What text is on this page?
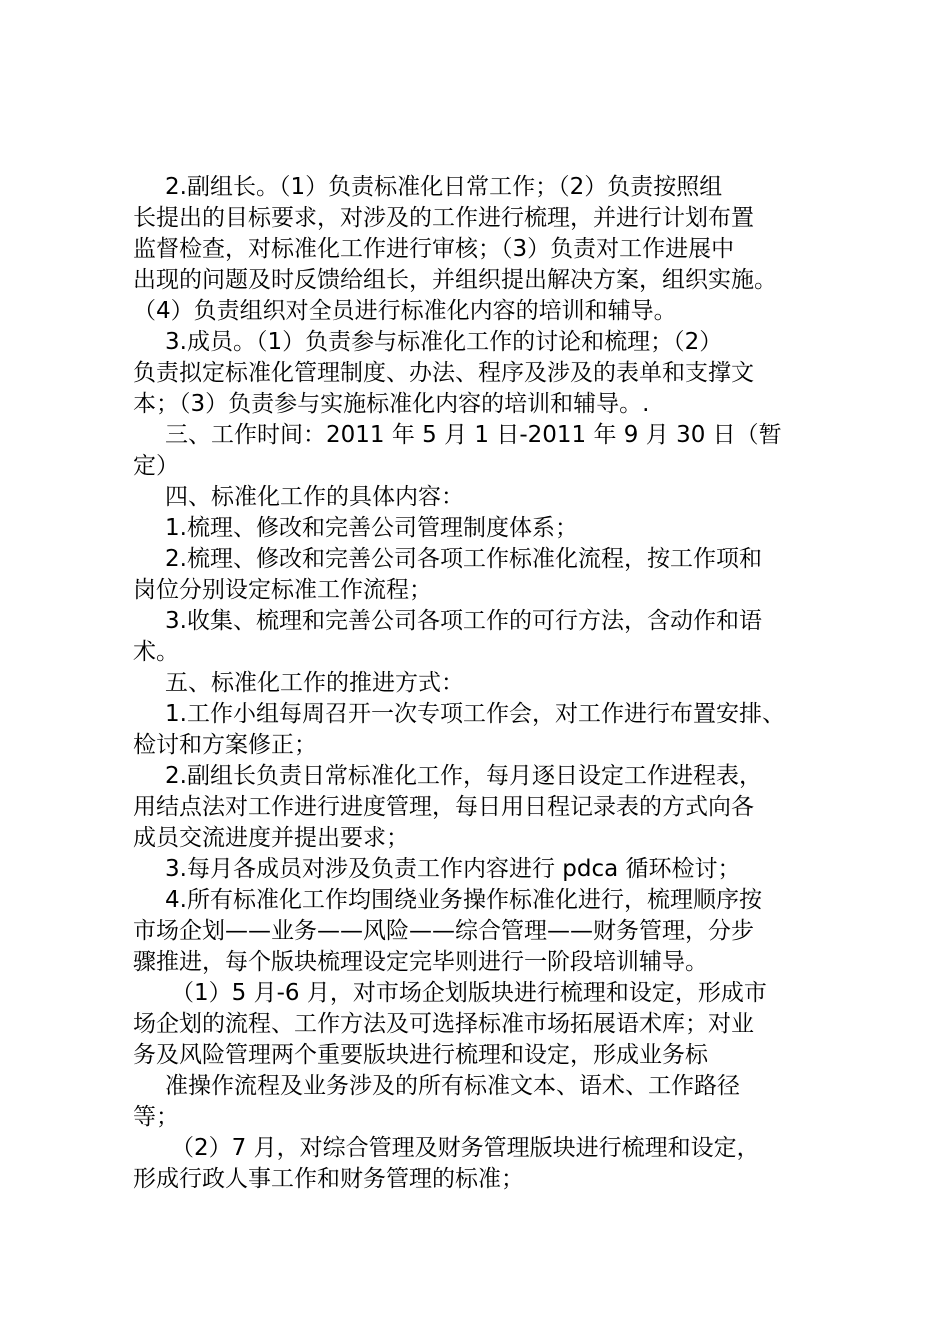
2.副组长。（1）负责标准化日常工作；（2）负责按照组
长提出的目标要求，对涉及的工作进行梳理，并进行计划布置
监督检查，对标准化工作进行审核；（3）负责对工作进展中
出现的问题及时反馈给组长，并组织提出解决方案，组织实施。
（4）负责组织对全员进行标准化内容的培训和辅导。
3.成员。（1）负责参与标准化工作的讨论和梳理；（2）
负责拟定标准化管理制度、办法、程序及涉及的表单和支撑文
本；（3）负责参与实施标准化内容的培训和辅导。.
三、工作时间：2011 年 5 月 1 日-2011 年 9 月 30 日（暂
定）
四、标准化工作的具体内容：
1.梳理、修改和完善公司管理制度体系；
2.梳理、修改和完善公司各项工作标准化流程，按工作项和
岗位分别设定标准工作流程；
3.收集、梳理和完善公司各项工作的可行方法，含动作和语
术。
五、标准化工作的推进方式：
1.工作小组每周召开一次专项工作会，对工作进行布置安排、
检讨和方案修正；
2.副组长负责日常标准化工作，每月逐日设定工作进程表，
用结点法对工作进行进度管理，每日用日程记录表的方式向各
成员交流进度并提出要求；
3.每月各成员对涉及负责工作内容进行 pdca 循环检讨；
4.所有标准化工作均围绕业务操作标准化进行，梳理顺序按
市场企划——业务——风险——综合管理——财务管理，分步
骤推进，每个版块梳理设定完毕则进行一阶段培训辅导。
（1）5 月-6 月，对市场企划版块进行梳理和设定，形成市
场企划的流程、工作方法及可选择标准市场拓展语术库；对业
务及风险管理两个重要版块进行梳理和设定，形成业务标
准操作流程及业务涉及的所有标准文本、语术、工作路径
等；
（2）7 月，对综合管理及财务管理版块进行梳理和设定，
形成行政人事工作和财务管理的标准；
